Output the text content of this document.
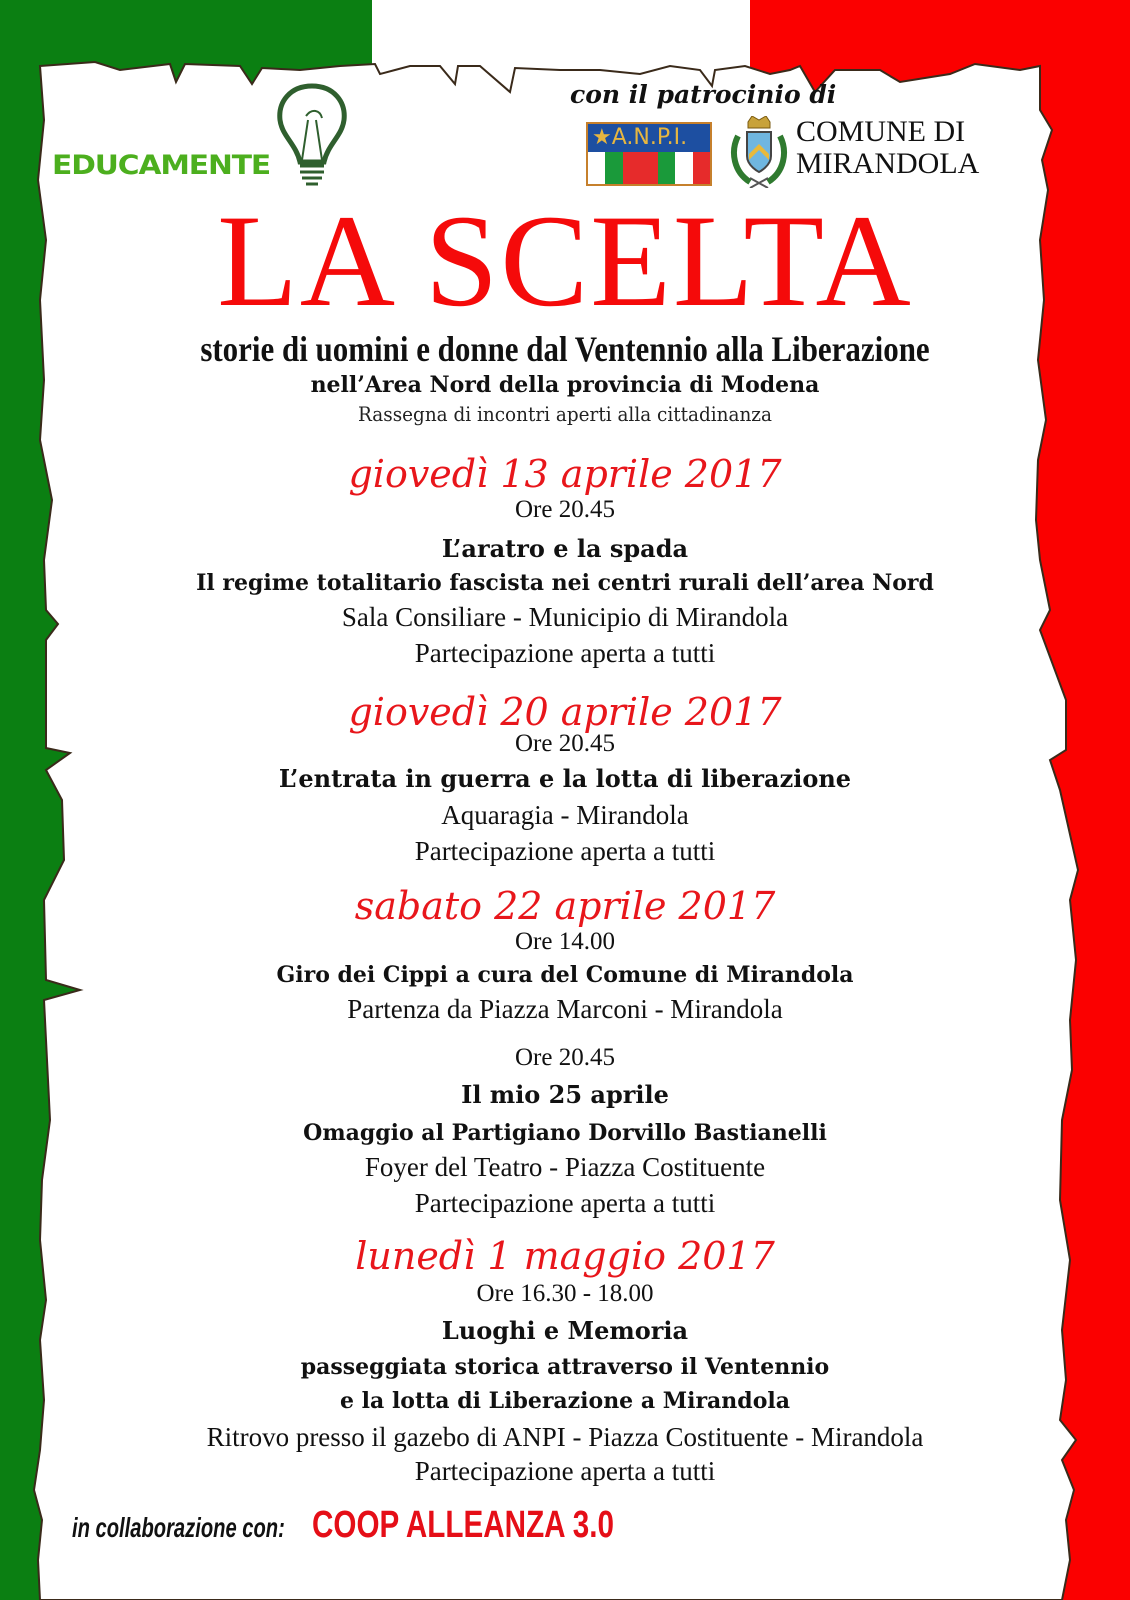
EDUCAMENTE
con il patrocinio di
★A.N.P.I.	COMUNE DI
MIRANDOLA
LA SCELTA
storie di uomini e donne dal Ventennio alla Liberazione
nell’Area Nord della provincia di Modena
Rassegna di incontri aperti alla cittadinanza
giovedì 13 aprile 2017
Ore 20.45
L’aratro e la spada
Il regime totalitario fascista nei centri rurali dell’area Nord
Sala Consiliare - Municipio di Mirandola
Partecipazione aperta a tutti
giovedì 20 aprile 2017
Ore 20.45
L’entrata in guerra e la lotta di liberazione
Aquaragia - Mirandola
Partecipazione aperta a tutti
sabato 22 aprile 2017
Ore 14.00
Giro dei Cippi a cura del Comune di Mirandola
Partenza da Piazza Marconi - Mirandola
Ore 20.45
Il mio 25 aprile
Omaggio al Partigiano Dorvillo Bastianelli
Foyer del Teatro - Piazza Costituente
Partecipazione aperta a tutti
lunedì 1 maggio 2017
Ore 16.30 - 18.00
Luoghi e Memoria
passeggiata storica attraverso il Ventennio
e la lotta di Liberazione a Mirandola
Ritrovo presso il gazebo di ANPI - Piazza Costituente - Mirandola
Partecipazione aperta a tutti
in collaborazione con: COOP ALLEANZA 3.0
